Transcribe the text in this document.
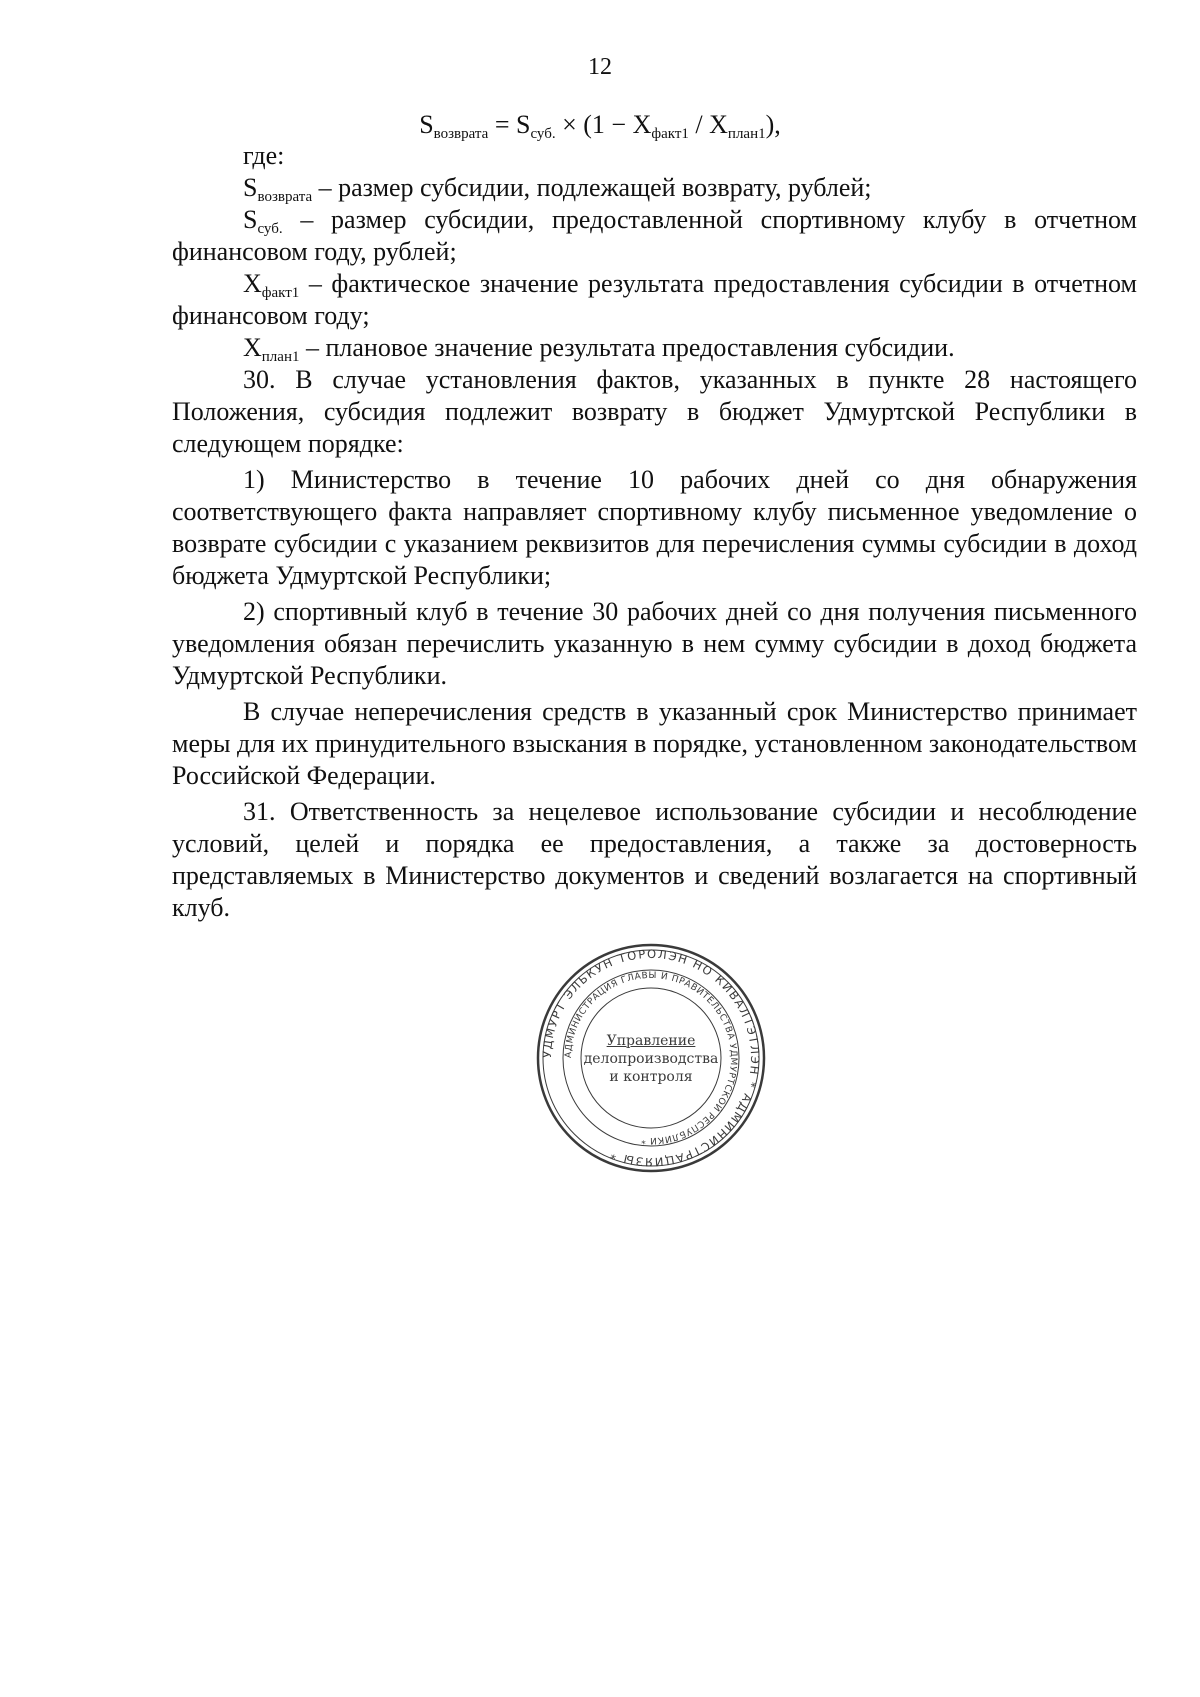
12
$S_{возврата} = S_{суб.} \times (1 - X_{факт1} / X_{план1})$,

где:

$S_{возврата}$ – размер субсидии, подлежащей возврату, рублей;

$S_{суб.}$ – размер субсидии, предоставленной спортивному клубу в отчетном финансовом году, рублей;

$X_{факт1}$ – фактическое значение результата предоставления субсидии в отчетном финансовом году;

$X_{план1}$ – плановое значение результата предоставления субсидии.

30. В случае установления фактов, указанных в пункте 28 настоящего Положения, субсидия подлежит возврату в бюджет Удмуртской Республики в следующем порядке:

1) Министерство в течение 10 рабочих дней со дня обнаружения соответствующего факта направляет спортивному клубу письменное уведомление о возврате субсидии с указанием реквизитов для перечисления суммы субсидии в доход бюджета Удмуртской Республики;

2) спортивный клуб в течение 30 рабочих дней со дня получения письменного уведомления обязан перечислить указанную в нем сумму субсидии в доход бюджета Удмуртской Республики.

В случае неперечисления средств в указанный срок Министерство принимает меры для их принудительного взыскания в порядке, установленном законодательством Российской Федерации.

31. Ответственность за нецелевое использование субсидии и несоблюдение условий, целей и порядка ее предоставления, а также за достоверность представляемых в Министерство документов и сведений возлагается на спортивный клуб.

УДМУРТ ЭЛЬКУН ТОРОЛЭН НО КИВАЛТЭТЛЭН * АДМИНИСТРАЦИЯЗЫ *
АДМИНИСТРАЦИЯ ГЛАВЫ И ПРАВИТЕЛЬСТВА УДМУРТСКОЙ РЕСПУБЛИКИ *
Управление
делопроизводства
и контроля
